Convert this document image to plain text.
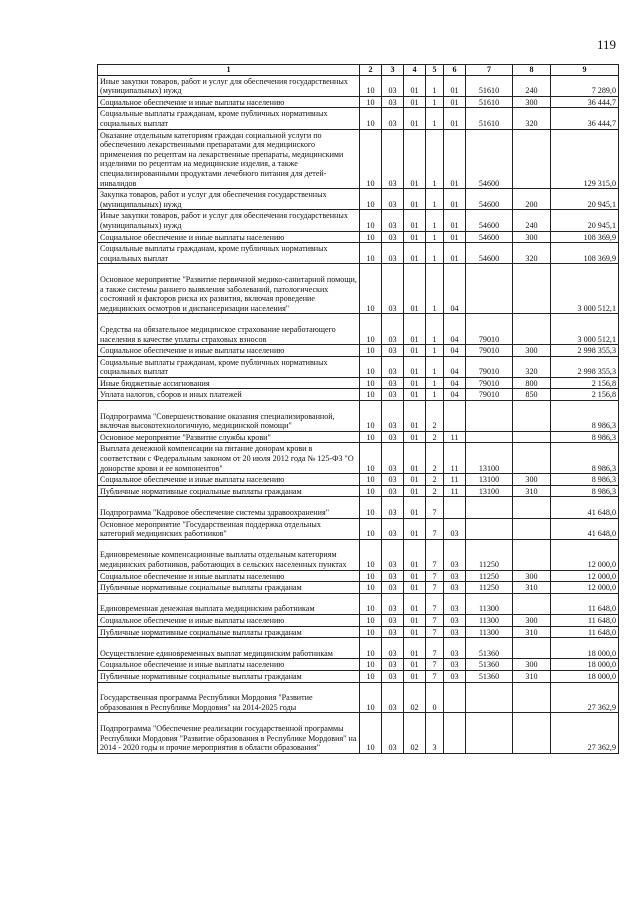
119
1	2	3	4	5	6	7	8	9
Иные закупки товаров, работ и услуг для обеспечения государственных (муниципальных) нужд	10	03	01	1	01	51610	240	7 289,0
Социальное обеспечение и иные выплаты населению	10	03	01	1	01	51610	300	36 444,7
Социальные выплаты гражданам, кроме публичных нормативных социальных выплат	10	03	01	1	01	51610	320	36 444,7
Оказание отдельным категориям граждан социальной услуги по обеспечению лекарственными препаратами для медицинского применения по рецептам на лекарственные препараты, медицинскими изделиями по рецептам на медицинские изделия, а также специализированными продуктами лечебного питания для детей-инвалидов	10	03	01	1	01	54600		129 315,0
Закупка товаров, работ и услуг для обеспечения государственных (муниципальных) нужд	10	03	01	1	01	54600	200	20 945,1
Иные закупки товаров, работ и услуг для обеспечения государственных (муниципальных) нужд	10	03	01	1	01	54600	240	20 945,1
Социальное обеспечение и иные выплаты населению	10	03	01	1	01	54600	300	108 369,9
Социальные выплаты гражданам, кроме публичных нормативных социальных выплат	10	03	01	1	01	54600	320	108 369,9
Основное мероприятие "Развитие первичной медико-санитарной помощи, а также системы раннего выявления заболеваний, патологических состояний и факторов риска их развития, включая проведение медицинских осмотров и диспансеризации населения"	10	03	01	1	04			3 000 512,1
Средства на обязательное медицинское страхование неработающего населения в качестве уплаты страховых взносов	10	03	01	1	04	79010		3 000 512,1
Социальное обеспечение и иные выплаты населению	10	03	01	1	04	79010	300	2 998 355,3
Социальные выплаты гражданам, кроме публичных нормативных социальных выплат	10	03	01	1	04	79010	320	2 998 355,3
Иные бюджетные ассигнования	10	03	01	1	04	79010	800	2 156,8
Уплата налогов, сборов и иных платежей	10	03	01	1	04	79010	850	2 156,8
Подпрограмма "Совершенствование оказания специализированной, включая высокотехнологичную, медицинской помощи"	10	03	01	2				8 986,3
Основное мероприятие "Развитие службы крови"	10	03	01	2	11			8 986,3
Выплата денежной компенсации на питание донорам крови в соответствии с Федеральным законом от 20 июля 2012 года № 125-ФЗ "О донорстве крови и ее компонентов"	10	03	01	2	11	13100		8 986,3
Социальное обеспечение и иные выплаты населению	10	03	01	2	11	13100	300	8 986,3
Публичные нормативные социальные выплаты гражданам	10	03	01	2	11	13100	310	8 986,3
Подпрограмма "Кадровое обеспечение системы здравоохранения"	10	03	01	7				41 648,0
Основное мероприятие "Государственная поддержка отдельных категорий медицинских работников"	10	03	01	7	03			41 648,0
Единовременные компенсационные выплаты отдельным категориям медицинских работников, работающих в сельских населенных пунктах	10	03	01	7	03	11250		12 000,0
Социальное обеспечение и иные выплаты населению	10	03	01	7	03	11250	300	12 000,0
Публичные нормативные социальные выплаты гражданам	10	03	01	7	03	11250	310	12 000,0
Единовременная денежная выплата медицинским работникам	10	03	01	7	03	11300		11 648,0
Социальное обеспечение и иные выплаты населению	10	03	01	7	03	11300	300	11 648,0
Публичные нормативные социальные выплаты гражданам	10	03	01	7	03	11300	310	11 648,0
Осуществление единовременных выплат медицинским работникам	10	03	01	7	03	51360		18 000,0
Социальное обеспечение и иные выплаты населению	10	03	01	7	03	51360	300	18 000,0
Публичные нормативные социальные выплаты гражданам	10	03	01	7	03	51360	310	18 000,0
Государственная программа Республики Мордовия "Развитие образования в Республике Мордовия" на 2014-2025 годы	10	03	02	0				27 362,9
Подпрограмма "Обеспечение реализации государственной программы Республики Мордовия "Развитие образования в Республике Мордовия" на 2014 - 2020 годы и прочие мероприятия в области образования"	10	03	02	3				27 362,9
